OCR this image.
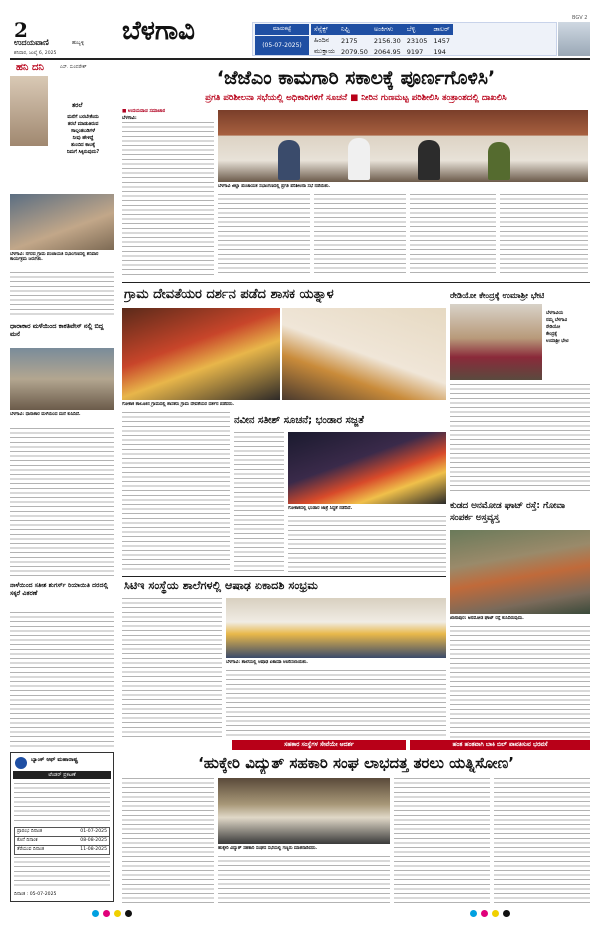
2
ಉದಯವಾಣಿ	ಹುಬ್ಬಳ್ಳಿ
ಶನಿವಾರ, ಜುಲೈ 6, 2025
ಬೆಳಗಾವಿ	ಮಾರುಕಟ್ಟೆ
(05-07-2025)
ಸೆನ್ಸೆಕ್ಸ್	ನಿಫ್ಟಿ	ಅಂಕಿಗಳು	ಬೆಳ್ಳಿ	ಡಾಲರ್
ಹಿಂದಿನ	2175	2156.30	23105	1457
ಮುಕ್ತಾಯ	2079.50	2064.95	9197	194
BGV 2
ಹನಿ ದನಿ	ಎಸ್. ಸುಂದರೇಶ್
ತರಲೆ
ಮನೆಗೆ ಬರಬೇಕೆಂದು
ತರಲೆ ಮಾಡುತಿರುವ
ಸಾಲ್ಗಂತಬಡಿಗಳೆ
ನೀವು ಹೇಳಿದ್ದೆ
ತುಂಬಿದ ಕಾಲಕ್ಕೆ
ನಿಮಗೆ ಸಿಕ್ಕಿರುವುದು?
ಬೆಳಗಾವಿ: ನಗರದ ಗ್ರಾಮ ಪಂಚಾಯತಿ ಸಭಾಂಗಣದಲ್ಲಿ ಶನಿವಾರ ಕಾರ್ಯಕ್ರಮ ಜರುಗಿತು.
ಧಾರಾಕಾರ ಮಳೆಯಿಂದ ಕಾಕತಿವೇಸ್ ನಲ್ಲಿ ಬಿದ್ದ ಮನೆ
ಬೆಳಗಾವಿ: ಧಾರಾಕಾರ ಮಳೆಯಿಂದ ಮನೆ ಕುಸಿದಿದೆ.
ನಾಳೆಯಿಂದ ಸತೀಶ ಶುಗರ್ಸ್ ರಿಯಾಯಿತಿ ದರದಲ್ಲಿ ಸಕ್ಕರೆ ವಿತರಣೆ
ಬ್ಯಾಂಕ್ ಆಫ್ ಮಹಾರಾಷ್ಟ್ರ
ಟೆಂಡರ್ ಪ್ರಕಟಣೆ
ಪ್ರಾರಂಭ ದಿನಾಂಕ	01-07-2025
ಕೊನೆ ದಿನಾಂಕ	08-08-2025
ತೆರೆಯುವ ದಿನಾಂಕ	11-08-2025
ದಿನಾಂಕ : 05-07-2025
‘ಜೆಜೆಎಂ ಕಾಮಗಾರಿ ಸಕಾಲಕ್ಕೆ ಪೂರ್ಣಗೊಳಿಸಿ’
ಪ್ರಗತಿ ಪರಿಶೀಲನಾ ಸಭೆಯಲ್ಲಿ ಅಧಿಕಾರಿಗಳಿಗೆ ಸೂಚನೆ ■ ನೀರಿನ ಗುಣಮಟ್ಟ ಪರಿಶೀಲಿಸಿ ತಂತ್ರಾಂಶದಲ್ಲಿ ದಾಖಲಿಸಿ
■ ಉದಯವಾಣಿ ಸಮಾಚಾರ
ಬೆಳಗಾವಿ:
ಬೆಳಗಾವಿ ಜಿಲ್ಲಾ ಪಂಚಾಯತ ಸಭಾಂಗಣದಲ್ಲಿ ಪ್ರಗತಿ ಪರಿಶೀಲನಾ ಸಭೆ ನಡೆಯಿತು.
ಗ್ರಾಮ ದೇವತೆಯರ ದರ್ಶನ ಪಡೆದ ಶಾಸಕ ಯತ್ನಾಳ
ಗೋಕಾಕ ತಾಲೂಕಿನ ಗ್ರಾಮದಲ್ಲಿ ಶಾಸಕರು ಗ್ರಾಮ ದೇವತೆಯರ ದರ್ಶನ ಪಡೆದರು.
ರೇಡಿಯೋ ಕೇಂದ್ರಕ್ಕೆ ಉಮಾಶ್ರೀ ಭೇಟಿ
ಬೆಳಗಾವಿಯ
ನಮ್ಮ ಬೆಳಗಾವಿ
ರೇಡಿಯೋ
ಕೇಂದ್ರಕ್ಕೆ
ಉಮಾಶ್ರೀ ಭೇಟಿ
ನವೀನ ಸತೀಶ್ ಸೂಚನೆ; ಭಂಡಾರ ಸಜ್ಜತೆ
ಗೋಕಾಕದಲ್ಲಿ ಭಂಡಾರ ಜಾತ್ರೆ ಸಿದ್ಧತೆ ನಡೆದಿದೆ.	ಕುಡದ ಅನಮೋಡ ಘಾಟ್ ರಸ್ತೆ: ಗೋವಾ ಸಂಪರ್ಕ ಅಸ್ತವ್ಯಸ್ತ
ಖಾನಾಪುರ: ಅನಮೋಡ ಘಾಟ್ ರಸ್ತೆ ಕುಸಿದಿರುವುದು.
ಸಿಟಿಇ ಸಂಸ್ಥೆಯ ಶಾಲೆಗಳಲ್ಲಿ ಆಷಾಢ ಏಕಾದಶಿ ಸಂಭ್ರಮ
ಬೆಳಗಾವಿ: ಶಾಲೆಯಲ್ಲಿ ಆಷಾಢ ಏಕಾದಶಿ ಆಚರಿಸಲಾಯಿತು.
ಸಹಕಾರ ಸಂಸ್ಥೆಗಳ ಸೇವೆಯೇ ಆದರ್ಶ	ಹಂತ ಹಂತವಾಗಿ ಬಾಕಿ ಬಿಲ್ ಪಾವತಿಸುವ ಭರವಸೆ
‘ಹುಕ್ಕೇರಿ ವಿದ್ಯುತ್ ಸಹಕಾರಿ ಸಂಘ ಲಾಭದತ್ತ ತರಲು ಯತ್ನಿಸೋಣ’
ಹುಕ್ಕೇರಿ ವಿದ್ಯುತ್ ಸಹಕಾರಿ ಸಂಘದ ಸಭೆಯಲ್ಲಿ ಗಣ್ಯರು ಮಾತನಾಡಿದರು.
